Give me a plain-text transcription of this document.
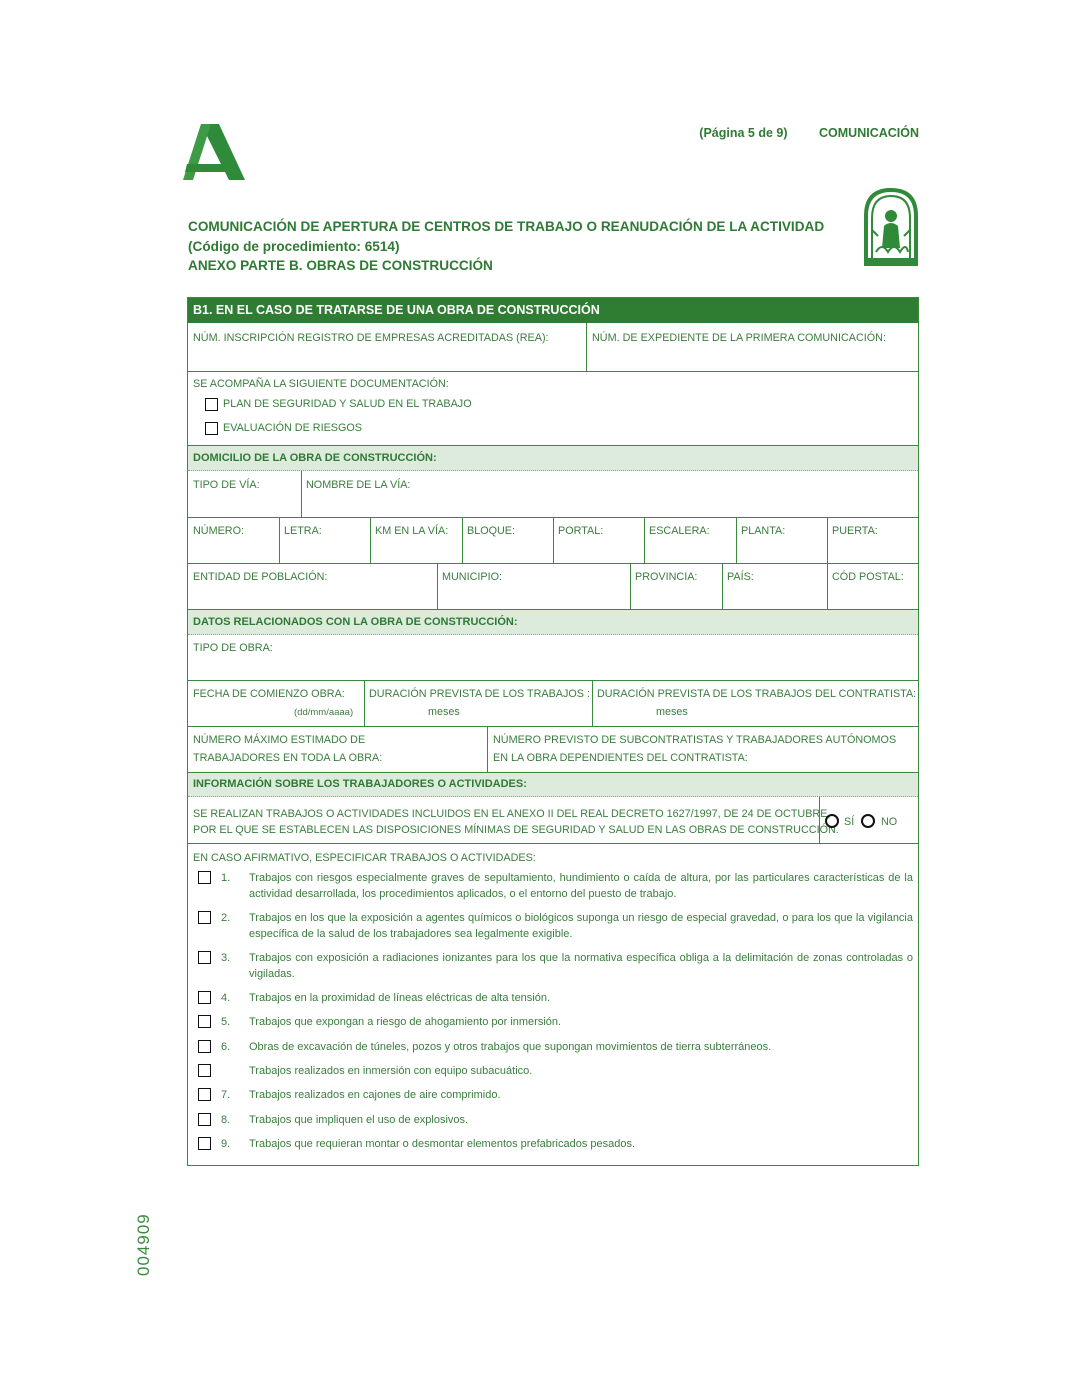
(Página 5 de 9)	COMUNICACIÓN
COMUNICACIÓN DE APERTURA DE CENTROS DE TRABAJO O REANUDACIÓN DE LA ACTIVIDAD
(Código de procedimiento: 6514)
ANEXO PARTE B. OBRAS DE CONSTRUCCIÓN
B1. EN EL CASO DE TRATARSE DE UNA OBRA DE CONSTRUCCIÓN
NÚM. INSCRIPCIÓN REGISTRO DE EMPRESAS ACREDITADAS (REA):	NÚM. DE EXPEDIENTE DE LA PRIMERA COMUNICACIÓN:
SE ACOMPAÑA LA SIGUIENTE DOCUMENTACIÓN:
PLAN DE SEGURIDAD Y SALUD EN EL TRABAJO
EVALUACIÓN DE RIESGOS
DOMICILIO DE LA OBRA DE CONSTRUCCIÓN:
TIPO DE VÍA:	NOMBRE DE LA VÍA:
NÚMERO:	LETRA:	KM EN LA VÍA: BLOQUE:	PORTAL:	ESCALERA:	PLANTA:	PUERTA:
ENTIDAD DE POBLACIÓN:	MUNICIPIO:	PROVINCIA:	PAÍS:	CÓD POSTAL:
DATOS RELACIONADOS CON LA OBRA DE CONSTRUCCIÓN:
TIPO DE OBRA:
FECHA DE COMIENZO OBRA:
(dd/mm/aaaa)
DURACIÓN PREVISTA DE LOS TRABAJOS :
meses
DURACIÓN PREVISTA DE LOS TRABAJOS DEL CONTRATISTA:
meses
NÚMERO MÁXIMO ESTIMADO DE
TRABAJADORES EN TODA LA OBRA:
NÚMERO PREVISTO DE SUBCONTRATISTAS Y TRABAJADORES AUTÓNOMOS
EN LA OBRA DEPENDIENTES DEL CONTRATISTA:
INFORMACIÓN SOBRE LOS TRABAJADORES O ACTIVIDADES:
SE REALIZAN TRABAJOS O ACTIVIDADES INCLUIDOS EN EL ANEXO II DEL REAL DECRETO 1627/1997, DE 24 DE OCTUBRE,
POR EL QUE SE ESTABLECEN LAS DISPOSICIONES MÍNIMAS DE SEGURIDAD Y SALUD EN LAS OBRAS DE CONSTRUCCIÓN.
SÍ NO
EN CASO AFIRMATIVO, ESPECIFICAR TRABAJOS O ACTIVIDADES:
1. Trabajos con riesgos especialmente graves de sepultamiento, hundimiento o caída de altura, por las particulares características de la actividad desarrollada, los procedimientos aplicados, o el entorno del puesto de trabajo.
2. Trabajos en los que la exposición a agentes químicos o biológicos suponga un riesgo de especial gravedad, o para los que la vigilancia específica de la salud de los trabajadores sea legalmente exigible.
3. Trabajos con exposición a radiaciones ionizantes para los que la normativa específica obliga a la delimitación de zonas controladas o vigiladas.
4. Trabajos en la proximidad de líneas eléctricas de alta tensión.
5. Trabajos que expongan a riesgo de ahogamiento por inmersión.
6. Obras de excavación de túneles, pozos y otros trabajos que supongan movimientos de tierra subterráneos.
Trabajos realizados en inmersión con equipo subacuático.
7. Trabajos realizados en cajones de aire comprimido.
8. Trabajos que impliquen el uso de explosivos.
9. Trabajos que requieran montar o desmontar elementos prefabricados pesados.
004909
